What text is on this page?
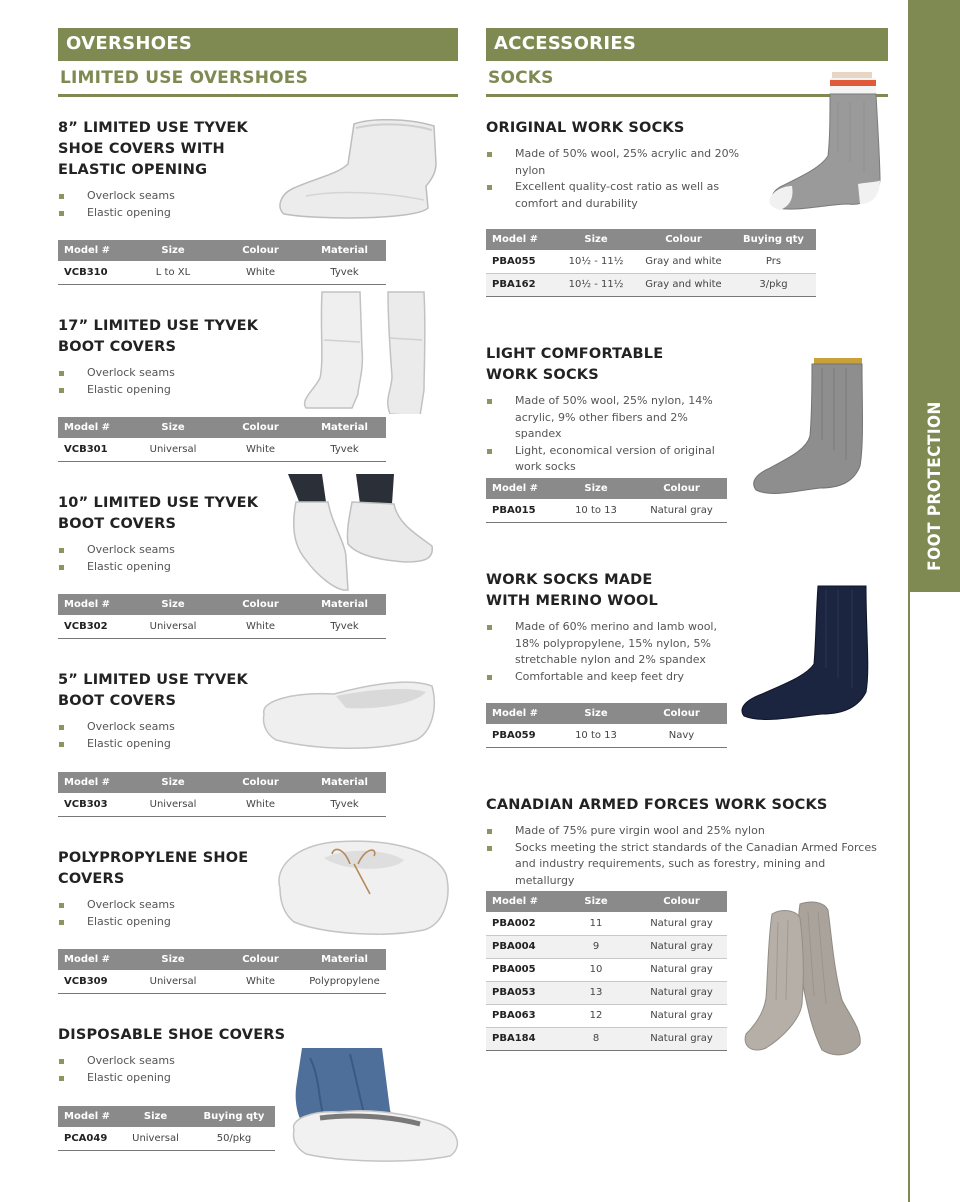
FOOT PROTECTION
OVERSHOES
LIMITED USE OVERSHOES
ACCESSORIES
SOCKS
8” LIMITED USE TYVEK SHOE COVERS WITH ELASTIC OPENING
Overlock seams
Elastic opening
Model #	Size	Colour	Material
VCB310	L to XL	White	Tyvek
17” LIMITED USE TYVEK BOOT COVERS
Overlock seams
Elastic opening
Model #	Size	Colour	Material
VCB301	Universal	White	Tyvek
10” LIMITED USE TYVEK BOOT COVERS
Overlock seams
Elastic opening
Model #	Size	Colour	Material
VCB302	Universal	White	Tyvek
5” LIMITED USE TYVEK BOOT COVERS
Overlock seams
Elastic opening
Model #	Size	Colour	Material
VCB303	Universal	White	Tyvek
POLYPROPYLENE SHOE COVERS
Overlock seams
Elastic opening
Model #	Size	Colour	Material
VCB309	Universal	White	Polypropylene
DISPOSABLE SHOE COVERS
Overlock seams
Elastic opening
Model #	Size	Buying qty
PCA049	Universal	50/pkg
ORIGINAL WORK SOCKS
Made of 50% wool, 25% acrylic and 20% nylon
Excellent quality-cost ratio as well as comfort and durability
Model #	Size	Colour	Buying qty
PBA055	10½ - 11½	Gray and white	Prs
PBA162	10½ - 11½	Gray and white	3/pkg
LIGHT COMFORTABLE WORK SOCKS
Made of 50% wool, 25% nylon, 14% acrylic, 9% other fibers and 2% spandex
Light, economical version of original work socks
Model #	Size	Colour
PBA015	10 to 13	Natural gray
WORK SOCKS MADE WITH MERINO WOOL
Made of 60% merino and lamb wool, 18% polypropylene, 15% nylon, 5% stretchable nylon and 2% spandex
Comfortable and keep feet dry
Model #	Size	Colour
PBA059	10 to 13	Navy
CANADIAN ARMED FORCES WORK SOCKS
Made of 75% pure virgin wool and 25% nylon
Socks meeting the strict standards of the Canadian Armed Forces and industry requirements, such as forestry, mining and metallurgy
Model #	Size	Colour
PBA002	11	Natural gray
PBA004	9	Natural gray
PBA005	10	Natural gray
PBA053	13	Natural gray
PBA063	12	Natural gray
PBA184	8	Natural gray
